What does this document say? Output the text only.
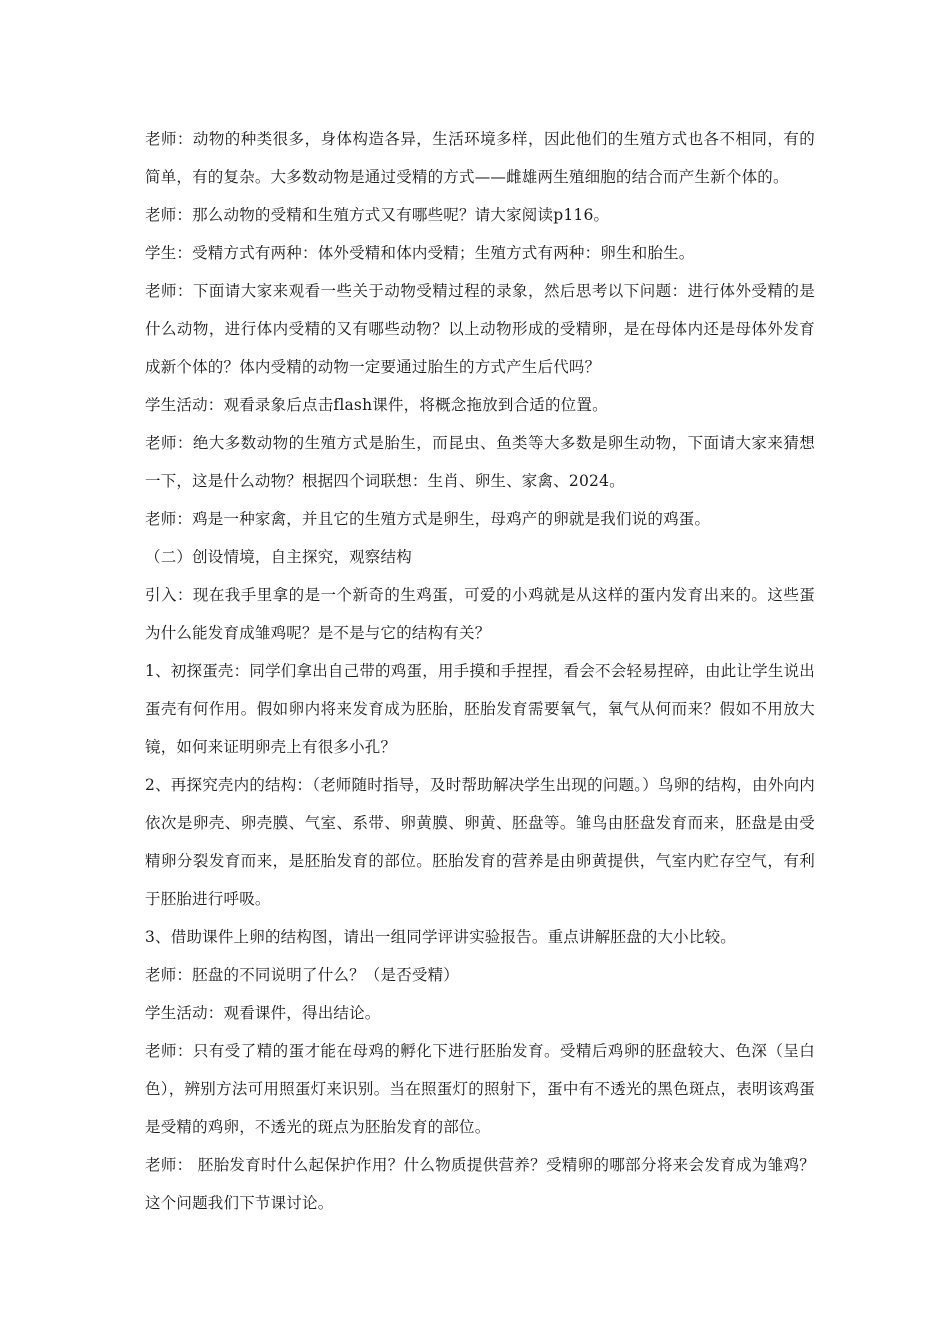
老师：动物的种类很多，身体构造各异，生活环境多样，因此他们的生殖方式也各不相同，有的简单，有的复杂。大多数动物是通过受精的方式——雌雄两生殖细胞的结合而产生新个体的。

老师：那么动物的受精和生殖方式又有哪些呢？请大家阅读p116。

学生：受精方式有两种：体外受精和体内受精；生殖方式有两种：卵生和胎生。

老师：下面请大家来观看一些关于动物受精过程的录象，然后思考以下问题：进行体外受精的是什么动物，进行体内受精的又有哪些动物？以上动物形成的受精卵，是在母体内还是母体外发育成新个体的？体内受精的动物一定要通过胎生的方式产生后代吗？

学生活动：观看录象后点击flash课件，将概念拖放到合适的位置。

老师：绝大多数动物的生殖方式是胎生，而昆虫、鱼类等大多数是卵生动物，下面请大家来猜想一下，这是什么动物？根据四个词联想：生肖、卵生、家禽、2024。

老师：鸡是一种家禽，并且它的生殖方式是卵生，母鸡产的卵就是我们说的鸡蛋。

（二）创设情境，自主探究，观察结构

引入：现在我手里拿的是一个新奇的生鸡蛋，可爱的小鸡就是从这样的蛋内发育出来的。这些蛋为什么能发育成雏鸡呢？是不是与它的结构有关？

1、初探蛋壳：同学们拿出自己带的鸡蛋，用手摸和手捏捏，看会不会轻易捏碎，由此让学生说出蛋壳有何作用。假如卵内将来发育成为胚胎，胚胎发育需要氧气，氧气从何而来？假如不用放大镜，如何来证明卵壳上有很多小孔？

2、再探究壳内的结构：（老师随时指导，及时帮助解决学生出现的问题。）鸟卵的结构，由外向内依次是卵壳、卵壳膜、气室、系带、卵黄膜、卵黄、胚盘等。雏鸟由胚盘发育而来，胚盘是由受精卵分裂发育而来，是胚胎发育的部位。胚胎发育的营养是由卵黄提供，气室内贮存空气，有利于胚胎进行呼吸。

3、借助课件上卵的结构图，请出一组同学评讲实验报告。重点讲解胚盘的大小比较。

老师：胚盘的不同说明了什么？（是否受精）

学生活动：观看课件，得出结论。

老师：只有受了精的蛋才能在母鸡的孵化下进行胚胎发育。受精后鸡卵的胚盘较大、色深（呈白色），辨别方法可用照蛋灯来识别。当在照蛋灯的照射下，蛋中有不透光的黑色斑点，表明该鸡蛋是受精的鸡卵，不透光的斑点为胚胎发育的部位。

老师： 胚胎发育时什么起保护作用？什么物质提供营养？受精卵的哪部分将来会发育成为雏鸡？这个问题我们下节课讨论。
